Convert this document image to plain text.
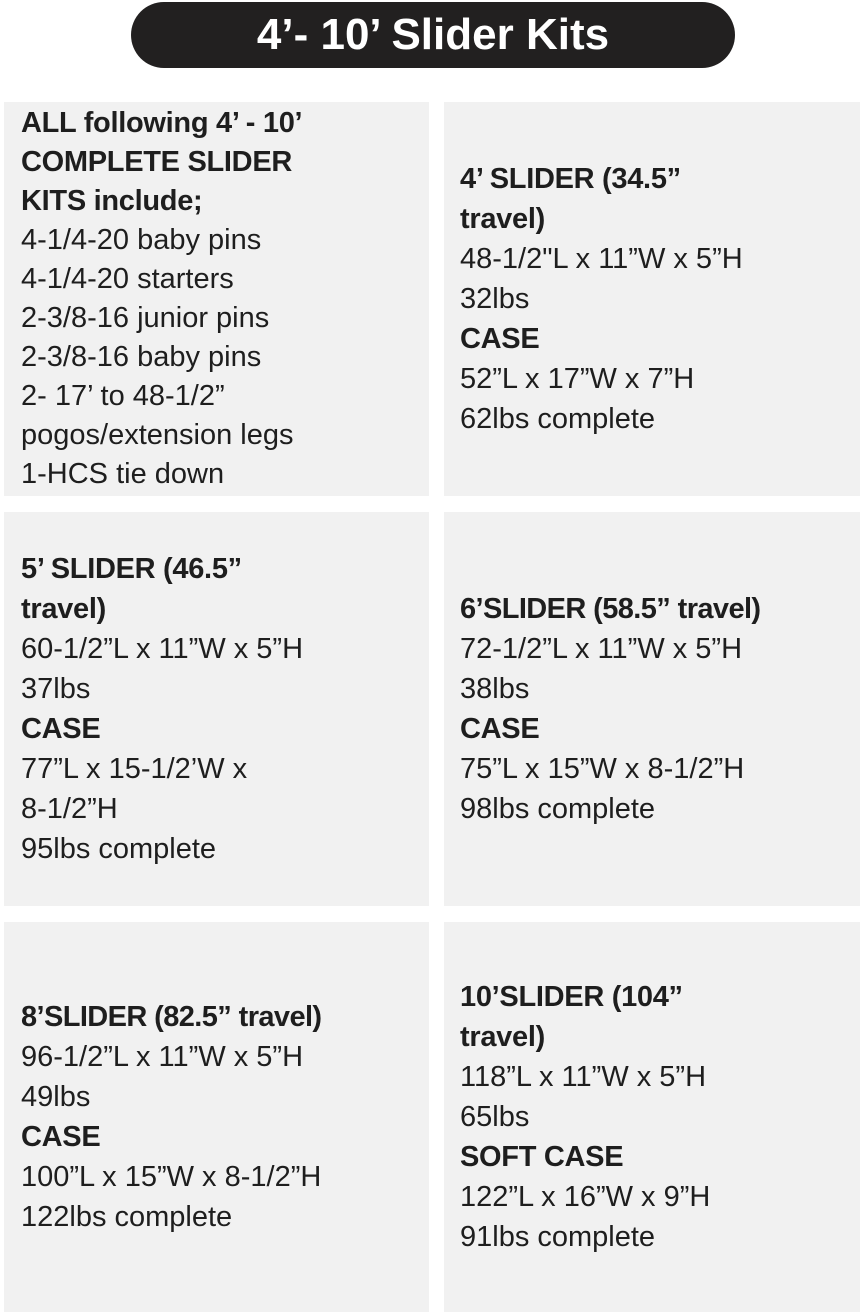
4’- 10’ Slider Kits
ALL following 4’ - 10’
COMPLETE SLIDER
KITS include;
4-1/4-20 baby pins
4-1/4-20 starters
2-3/8-16 junior pins
2-3/8-16 baby pins
2- 17’ to 48-1/2”
pogos/extension legs
1-HCS tie down
4’ SLIDER (34.5”
travel)
48-1/2"L x 11”W x 5”H
32lbs
CASE
52”L x 17”W x 7”H
62lbs complete
5’ SLIDER (46.5”
travel)
60-1/2”L x 11”W x 5”H
37lbs
CASE
77”L x 15-1/2’W x
8-1/2”H
95lbs complete
6’SLIDER (58.5” travel)
72-1/2”L x 11”W x 5”H
38lbs
CASE
75”L x 15”W x 8-1/2”H
98lbs complete
8’SLIDER (82.5” travel)
96-1/2”L x 11”W x 5”H
49lbs
CASE
100”L x 15”W x 8-1/2”H
122lbs complete
10’SLIDER (104”
travel)
118”L x 11”W x 5”H
65lbs
SOFT CASE
122”L x 16”W x 9”H
91lbs complete
